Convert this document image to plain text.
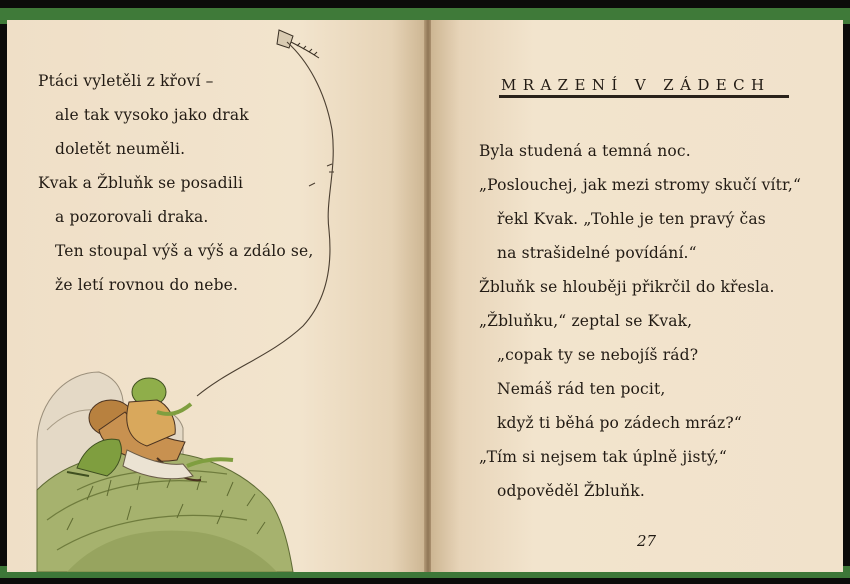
Ptáci vyletěli z křoví –
ale tak vysoko jako drak
doletět neuměli.
Kvak a Žbluňk se posadili
a pozorovali draka.
Ten stoupal výš a výš a zdálo se,
že letí rovnou do nebe.
MRAZENÍ V ZÁDECH
Byla studená a temná noc.
„Poslouchej, jak mezi stromy skučí vítr,“
řekl Kvak. „Tohle je ten pravý čas
na strašidelné povídání.“
Žbluňk se hlouběji přikrčil do křesla.
„Žbluňku,“ zeptal se Kvak,
„copak ty se nebojíš rád?
Nemáš rád ten pocit,
když ti běhá po zádech mráz?“
„Tím si nejsem tak úplně jistý,“
odpověděl Žbluňk.
27
